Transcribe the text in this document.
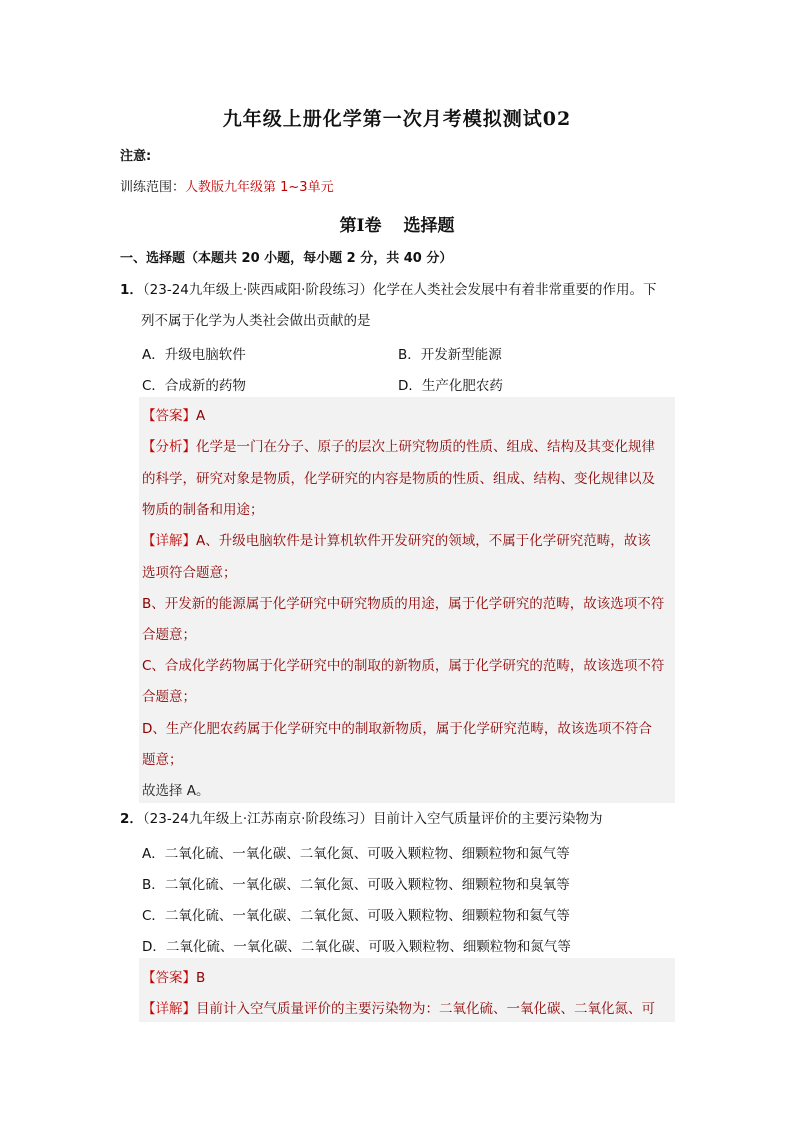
九年级上册化学第一次月考模拟测试02
注意:
训练范围：人教版九年级第 1~3单元
第Ⅰ卷 选择题
一、选择题（本题共 20 小题，每小题 2 分，共 40 分）
1．（23-24九年级上·陕西咸阳·阶段练习）化学在人类社会发展中有着非常重要的作用。下
列不属于化学为人类社会做出贡献的是
A．升级电脑软件	B．开发新型能源
C．合成新的药物	D．生产化肥农药
【答案】A
【分析】化学是一门在分子、原子的层次上研究物质的性质、组成、结构及其变化规律
的科学，研究对象是物质，化学研究的内容是物质的性质、组成、结构、变化规律以及
物质的制备和用途；
【详解】A、升级电脑软件是计算机软件开发研究的领域，不属于化学研究范畴，故该
选项符合题意；
B、开发新的能源属于化学研究中研究物质的用途，属于化学研究的范畴，故该选项不符
合题意；
C、合成化学药物属于化学研究中的制取的新物质，属于化学研究的范畴，故该选项不符
合题意；
D、生产化肥农药属于化学研究中的制取新物质，属于化学研究范畴，故该选项不符合
题意；
故选择 A。
2．（23-24九年级上·江苏南京·阶段练习）目前计入空气质量评价的主要污染物为
A．二氧化硫、一氧化碳、二氧化氮、可吸入颗粒物、细颗粒物和氮气等
B．二氧化硫、一氧化碳、二氧化氮、可吸入颗粒物、细颗粒物和臭氧等
C．二氧化硫、一氧化碳、二氧化氮、可吸入颗粒物、细颗粒物和氦气等
D．二氧化硫、一氧化碳、二氧化碳、可吸入颗粒物、细颗粒物和氮气等
【答案】B
【详解】目前计入空气质量评价的主要污染物为：二氧化硫、一氧化碳、二氧化氮、可
